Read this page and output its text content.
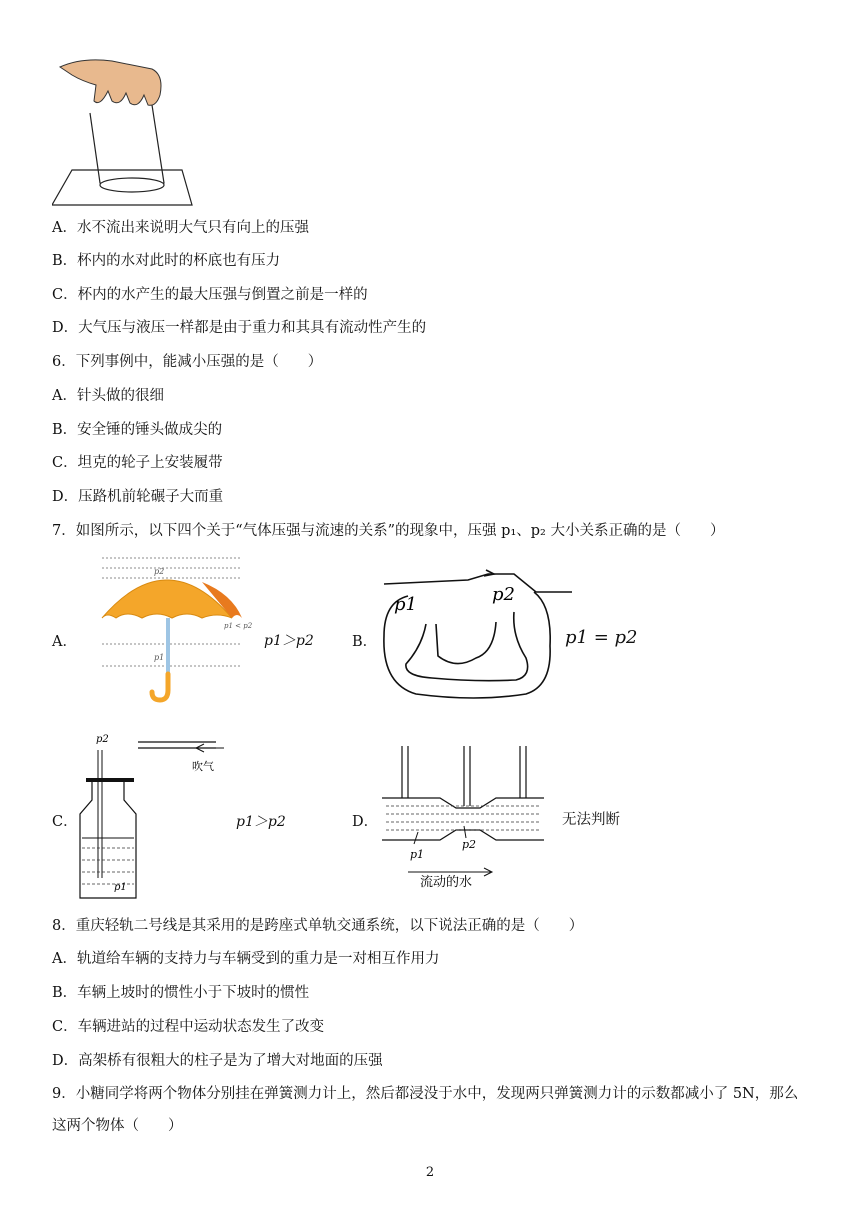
A．水不流出来说明大气只有向上的压强
B．杯内的水对此时的杯底也有压力
C．杯内的水产生的最大压强与倒置之前是一样的
D．大气压与液压一样都是由于重力和其具有流动性产生的
6．下列事例中，能减小压强的是（　　）
A．针头做的很细
B．安全锤的锤头做成尖的
C．坦克的轮子上安装履带
D．压路机前轮碾子大而重
7．如图所示，以下四个关于“气体压强与流速的关系”的现象中，压强 p₁、p₂ 大小关系正确的是（　　）
A．
p2
p1
p1 < p2
p1＞p2	B．
p1	p2
p1 = p2
C．
p2
吹气
p1
p1＞p2	D．
p1
p2
流动的水
无法判断
8．重庆轻轨二号线是其采用的是跨座式单轨交通系统，以下说法正确的是（　　）
A．轨道给车辆的支持力与车辆受到的重力是一对相互作用力
B．车辆上坡时的惯性小于下坡时的惯性
C．车辆进站的过程中运动状态发生了改变
D．高架桥有很粗大的柱子是为了增大对地面的压强
9．小糖同学将两个物体分别挂在弹簧测力计上，然后都浸没于水中，发现两只弹簧测力计的示数都减小了 5N，那么这两个物体（　　）
2
